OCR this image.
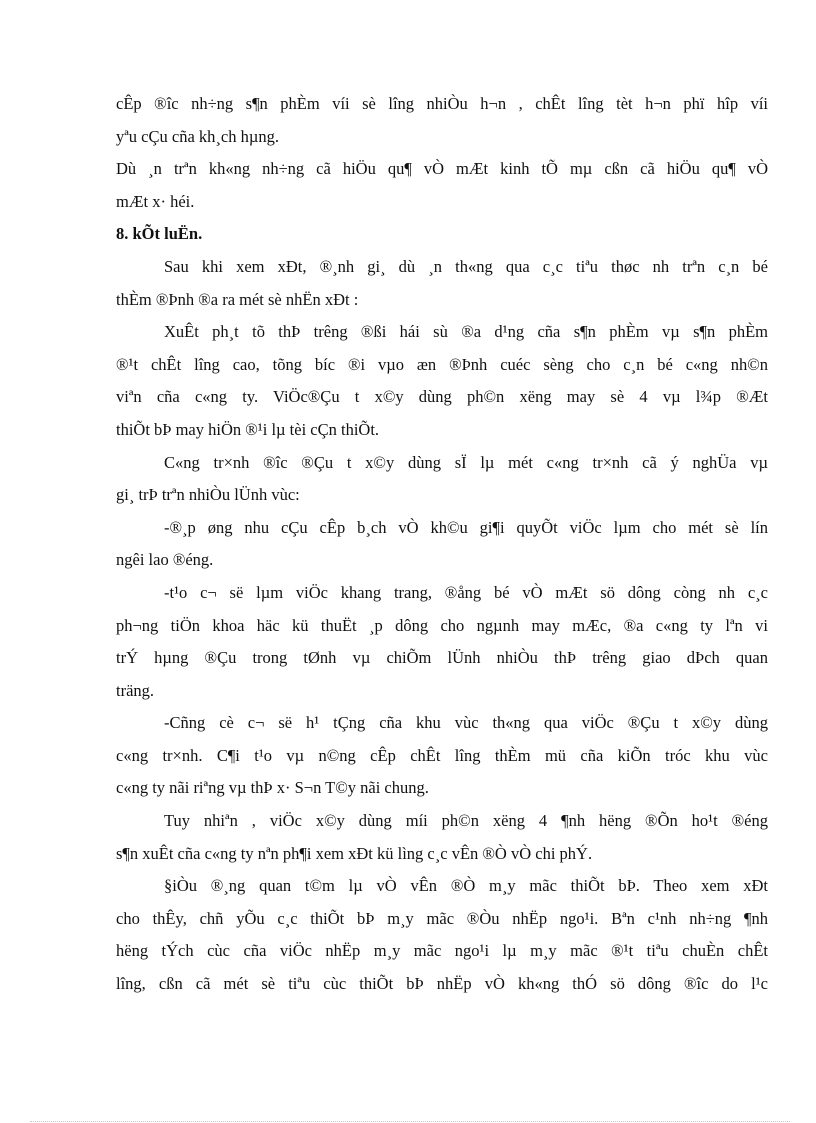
cÊp ®îc nh÷ng s¶n phÈm víi sè lîng nhiÒu h¬n , chÊt lîng tèt h¬n phï hîp víi
yªu cÇu cña kh¸ch hµng.
Dù ¸n trªn kh«ng nh÷ng cã hiÖu qu¶ vÒ mÆt kinh tÕ mµ cßn cã hiÖu qu¶ vÒ
mÆt x· héi.
8. kÕt luËn.
Sau khi xem xÐt, ®¸nh gi¸ dù ¸n th«ng qua c¸c tiªu thøc nh trªn c¸n bé
thÈm ®Þnh ®a ra mét sè nhËn xÐt :
XuÊt ph¸t tõ thÞ trêng ®ßi hái sù ®a d¹ng cña s¶n phÈm vµ s¶n phÈm
®¹t chÊt lîng cao, tõng bíc ®i vµo æn ®Þnh cuéc sèng cho c¸n bé c«ng nh©n
viªn cña c«ng ty. ViÖc®Çu t x©y dùng ph©n xëng may sè 4 vµ l¾p ®Æt
thiÕt bÞ may hiÖn ®¹i lµ tèi cÇn thiÕt.
C«ng tr×nh ®îc ®Çu t x©y dùng sÏ lµ mét c«ng tr×nh cã ý nghÜa vµ
gi¸ trÞ trªn nhiÒu lÜnh vùc:
-®¸p øng nhu cÇu cÊp b¸ch vÒ kh©u gi¶i quyÕt viÖc lµm cho mét sè lín
ngêi lao ®éng.
-t¹o c¬ së lµm viÖc khang trang, ®ång bé vÒ mÆt sö dông còng nh c¸c
ph¬ng tiÖn khoa häc kü thuËt ¸p dông cho ngµnh may mÆc, ®a c«ng ty lªn vi
trÝ hµng ®Çu trong tØnh vµ chiÕm lÜnh nhiÒu thÞ trêng giao dÞch quan
träng.
-Cñng cè c¬ së h¹ tÇng cña khu vùc th«ng qua viÖc ®Çu t x©y dùng
c«ng tr×nh. C¶i t¹o vµ n©ng cÊp chÊt lîng thÈm mü cña kiÕn tróc khu vùc
c«ng ty nãi riªng vµ thÞ x· S¬n T©y nãi chung.
Tuy nhiªn , viÖc x©y dùng míi ph©n xëng 4 ¶nh hëng ®Õn ho¹t ®éng
s¶n xuÊt cña c«ng ty nªn ph¶i xem xÐt kü lìng c¸c vÊn ®Ò vÒ chi phÝ.
§iÒu ®¸ng quan t©m lµ vÒ vÊn ®Ò m¸y mãc thiÕt bÞ. Theo xem xÐt
cho thÊy, chñ yÕu c¸c thiÕt bÞ m¸y mãc ®Òu nhËp ngo¹i. Bªn c¹nh nh÷ng ¶nh
hëng tÝch cùc cña viÖc nhËp m¸y mãc ngo¹i lµ m¸y mãc ®¹t tiªu chuÈn chÊt
lîng, cßn cã mét sè tiªu cùc thiÕt bÞ nhËp vÒ kh«ng thÓ sö dông ®îc do l¹c
